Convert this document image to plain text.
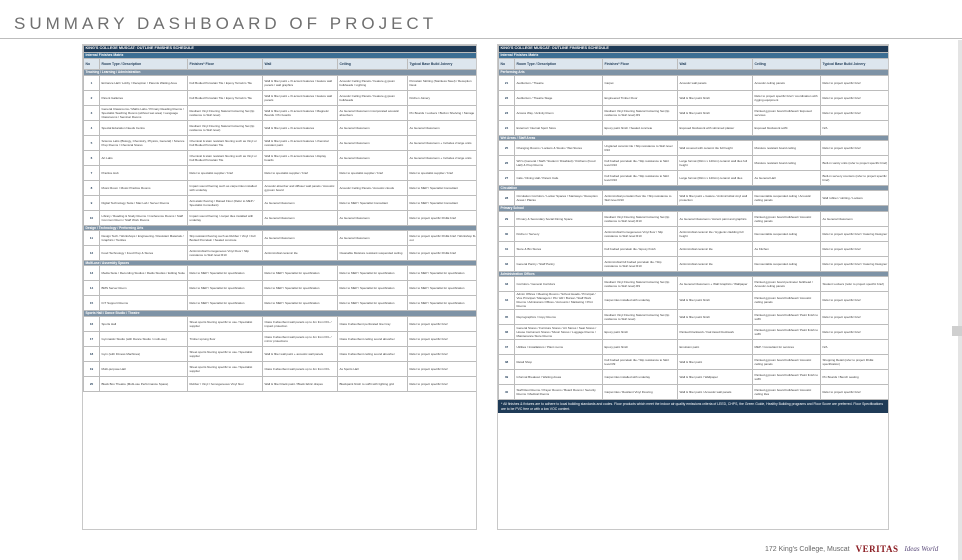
SUMMARY DASHBOARD OF PROJECT
KING'S COLLEGE MUSCAT: OUTLINE FINISHES SCHEDULE					
Internal Finishes Matrix					
No	Room Type / Description	Finishes* Floor	Wall	Ceiling	Typical Base Build Joinery
Teaching / Learning / Administration					
1	Entrance Hall / Lobby / Reception / Parents Waiting Area	Full Bodied Porcelain Tile / Epoxy Terrazzo Tile	Wall & fiber paint + fit accent features / feature wall panels / wall graphics	Acoustic Ceiling Panels / Feature gypsum bulkheads / Lighting	Porcelain Skirting (Stainless Steel) / Reception Desk
2	Parent Galleries	Full Bodied Porcelain Tile / Epoxy Terrazzo Tile	Wall & fiber paint + fit accent features / feature wall panels	Acoustic Ceiling Panels / Feature gypsum bulkheads	Kitchen Joinery
3	General Classrooms / Maths Labs / Primary Reading Rooms / Specialist Teaching Rooms (without wet area) / Language Classrooms / Seminar Rooms	Resilient Vinyl Flooring Natural Colouring Set (lip resilience to Skirt level)	Wall & fiber paint + fit accent features / Magnetic Boards / Pin boards	As General Classroom incorporated acoustic absorbers	Pin Boards / Lockers / Built-in Shelving / Storage
4	Special Education Needs Centre	Resilient Vinyl Flooring Natural Colouring Set (lip resilience to Skirt level)	Wall & fiber paint + fit accent features	As General Classroom	As General Classroom
5	Science Labs (Biology, Chemistry, Physics, General) / Science Prep Rooms / Chemical Stores	Chemical & stain resistant flooring such as Vinyl or Full Bodied Porcelain Tile	Wall & fiber paint + fit accent features / chemical resistant paint	As General Classroom	As General Classroom + Includes 2 large units
6	Art Labs	Chemical & stain resistant flooring such as Vinyl or Full Bodied Porcelain Tile	Wall & fiber paint + fit accent features / display boards	As General Classroom	As General Classroom + Includes 2 large units
7	Practice Hub	Refer to specialist supplier / brief	Refer to specialist supplier / brief	Refer to specialist supplier / brief	Refer to specialist supplier / brief
8	Music Room / Music Practice Rooms	Impact sound flooring such as carpet tiles installed with underlay	Acoustic absorber and diffuser wall panels / Acoustic gypsum board	Acoustic Ceiling Panels / Acoustic clouds	Refer to MEP / Specialist Consultant
9	Digital Technology Suite / Mac Lab / Server Rooms	Anti-static flooring / Raised Floor (Refer to MEP / Specialist Consultant)	As General Classroom	Refer to MEP / Specialist Consultant	Refer to MEP / Specialist Consultant
10	Library / Reading & Study Rooms / Conference Rooms / Staff Common Room / Staff Work Rooms	Impact sound flooring / carpet tiles installed with underlay	As General Classroom	As General Classroom	Refer to project specific FF&E brief
Design / Technology / Performing Arts					
11	Design Tech / Workshops / Engineering / Resistant Materials / Graphics / Textiles	Slip resistant flooring such as Rubber / Vinyl / Full Bodied Porcelain / Sealed concrete	As General Classroom	As General Classroom	Refer to project specific FF&E brief / Workshop fit-out
12	Food Technology / Food Prep & Stores	Antimicrobial homogeneous Vinyl Floor / Slip resistance to Skirt level R10	Antimicrobial ceramic tile	Cleanable Moisture resistant suspended ceiling	Refer to project specific FF&E brief
Multi-use / Assembly Spaces					
13	Media Suite / Recording Studios / Radio Studios / Editing Suite	Refer to MEP / Specialist for specification	Refer to MEP / Specialist for specification	Refer to MEP / Specialist for specification	Refer to MEP / Specialist for specification
14	BMS Server Room	Refer to MEP / Specialist for specification	Refer to MEP / Specialist for specification	Refer to MEP / Specialist for specification	Refer to MEP / Specialist for specification
15	ICT Support Rooms	Refer to MEP / Specialist for specification	Refer to MEP / Specialist for specification	Refer to MEP / Specialist for specification	Refer to MEP / Specialist for specification
Sports Hall / Dance Studio / Theatre					
16	Sports Hall	Sheet sports flooring specific to use / Specialist supplier	Class 0 absorbent wall panels up to 4m from FFL / impact protection	Class 0 absorbent perforated liner tray	Refer to project specific brief
17	Gymnastic Studio (with Dance Studio / multi-use)	Timber sprung floor	Class 0 absorbent wall panels up to 4m from FFL / mirror protections	Class 0 absorbent ceiling sound absorber	Refer to project specific brief
18	Gym (with Fitness Machines)	Sheet sports flooring specific to use / Specialist supplier	Wall & fiber wall paint + acoustic wall panels	Class 0 absorbent ceiling sound absorber	Refer to project specific brief
19	Multi-purpose Hall	Sheet sports flooring specific to use / Specialist supplier	Class 0 absorbent wall panels up to 4m from FFL	As Sports Hall	Refer to project specific brief
20	Black Box Theatre (Multi-use Performance Space)	Rubber / Vinyl / homogeneous Vinyl floor	Wall & fiber black paint / Black fabric drapes	Blackpaint finish to soffit with lighting grid	Refer to project specific brief
KING'S COLLEGE MUSCAT: OUTLINE FINISHES SCHEDULE					
Internal Finishes Matrix					
No	Room Type / Description	Finishes* Floor	Wall	Ceiling	Typical Base Build Joinery
Performing Arts					
21	Auditorium / Theatre	Carpet	Acoustic wall panels	Acoustic ceiling panels	Refer to project specific brief
22	Auditorium / Theatre Stage	Engineered Timber Floor	Wall & fiber paint finish	Refer to project specific brief / coordination with rigging equipment	Refer to project specific brief
23	Access Way / Activity Room	Resilient Vinyl Flooring Natural Colouring Set (lip resilience to Skirt level) R9	Wall & fiber paint finish	Painted gypsum board bulkhead / Exposed services	Refer to project specific brief
24	External / Internal Sport Store	Epoxy paint finish / Sealed concrete	Exposed blockwork with skimmed plaster	Exposed blockwork soffit	N/A
Wet Areas / Staff Areas					
25	Changing Rooms / Lockers & Stools / Wet Stores	Unglazed ceramic tile / Slip resistance to Skirt level R10	Wall covered with ceramic tile full height	Moisture resistant board ceiling	Refer to project specific brief
26	WC's (General / Staff / Student / Disabled) / Kitchens (Food Hall) & Prep Rooms	Full bodied porcelain tile / Slip resistance to Skirt level R10	Large format (60cm x 120cm) ceramic wall tiles full height	Moisture resistant board ceiling	Built-in vanity units (refer to project specific brief)
27	Cafe / Dining Hall / Parent Cafe	Full bodied porcelain tile / Slip resistance to Skirt level R10	Large format (60cm x 120cm) ceramic wall tiles	As General Hall	Built-in servery counters (refer to project specific brief)
Circulation					
28	Circulation Corridors / Locker Spaces / Stairways / Reception Areas / Plazas	Antimicrobial porcelain floor tile / Slip resistance to Skirt level R10	Wall & fiber paint + feature / Antimicrobial vinyl wall protection	Demountable suspended ceiling / Acoustic ceiling panels	Wall rubber / skirting / Lockers
Primary School					
29	Primary & Secondary Social Dining Space	Resilient Vinyl Flooring Natural Colouring Set (lip resilience to Skirt level) R10	As General Classroom / Accent paint and graphics	Painted gypsum board bulkhead / Acoustic ceiling panels	As General Classroom
30	Kitchen / Servery	Antimicrobial homogeneous Vinyl floor / Slip resistance to Skirt level R10	Antimicrobial ceramic tile / Hygienic cladding full height	Demountable suspended ceiling	Refer to project specific brief / Catering Designer
31	Store & Bin Stores	Full bodied porcelain tile / Epoxy finish	Antimicrobial ceramic tile	As Kitchen	Refer to project specific brief
32	General Pantry / Staff Pantry	Antimicrobial full bodied porcelain tile / Slip resistance to Skirt level R10	Antimicrobial ceramic tile	Demountable suspended ceiling	Refer to project specific brief / Catering Designer
Administration Offices					
33	Corridors / General Corridors	Resilient Vinyl Flooring Natural Colouring Set (lip resilience to Skirt level) R9	As General Classroom + Wall Graphics / Wallpaper	Painted gypsum board perimeter bulkhead / Acoustic ceiling panels	Student Lockers (refer to project specific brief)
34	Admin Offices / Meeting Rooms / School Heads / Principal / Vice Principal / Managers / PA / HR / Bursar / Staff Work Rooms / Admissions Offices / Accounts / Marketing / Print Rooms	Carpet tiles installed with underlay	Wall & fiber paint finish	Painted gypsum board bulkhead / Acoustic ceiling panels	Refer to project specific brief
35	Reprographics / Copy Rooms	Resilient Vinyl Flooring Natural Colouring Set (lip resilience to Skirt level)	Wall & fiber paint finish	Painted gypsum board bulkhead / Paint finish to soffit	Refer to project specific brief
36	General Stores / Furniture Stores / Art Stores / Seat Stores / House Instrument Stores / Music Stores / Luggage Rooms / Maintenance Store Rooms	Epoxy paint finish	Painted blockwork / Fair-faced blockwork	Painted gypsum board bulkhead / Paint finish to soffit	Refer to project specific brief
37	Utilities / Installations / Plant rooms	Epoxy paint finish	Emulsion paint	MEP / Consultant for services	N/A
38	Retail Shop	Full bodied porcelain tile / Slip resistance to Skirt level R9	Wall & fiber paint	Painted gypsum board bulkhead / Acoustic ceiling panels	Shopping Retail (refer to project FF&E specification)
39	Informal Breakout / Waiting Areas	Carpet tiles installed with underlay	Wall & fiber paint / Wallpaper	Painted gypsum board bulkhead / Paint finish to soffit	Pin Boards / Bench seating
40	Staff Rest Rooms / Prayer Rooms / Board Rooms / Security Rooms / Medical Rooms	Carpet tiles / Resilient Vinyl Flooring	Wall & fiber paint / Acoustic wall panels	Painted gypsum board bulkhead / Acoustic ceiling tiles	Refer to project specific brief
* All finishes & fixtures are to adhere to local building standards and codes. Floor products which meet the indoor air quality emissions criteria of LEED, CHPS, the Green Guide, Healthy Building programs and Floor Score are preferred. Floor Specifications are to be PVC free or with a low VOC content.
172 King's College, Muscat VERITAS Ideas World
